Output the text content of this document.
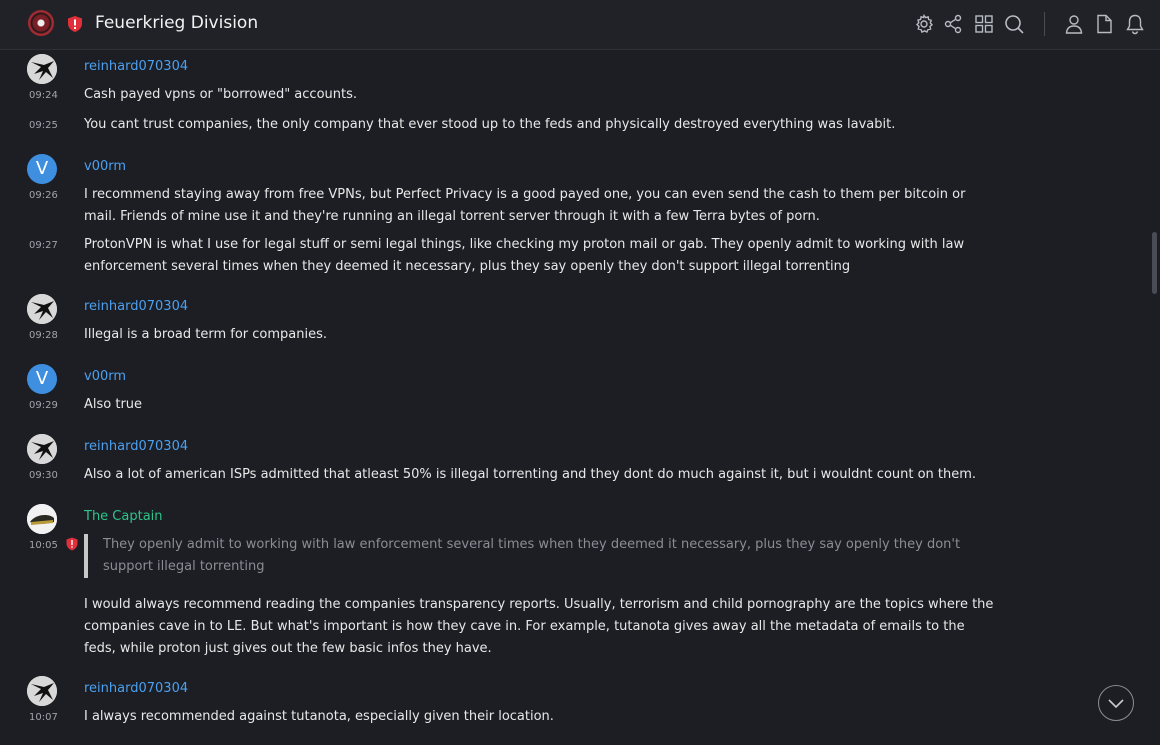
Feuerkrieg Division
reinhard070304
09:24 Cash payed vpns or "borrowed" accounts.
09:25 You cant trust companies, the only company that ever stood up to the feds and physically destroyed everything was lavabit.
V	v00rm
09:26 I recommend staying away from free VPNs, but Perfect Privacy is a good payed one, you can even send the cash to them per bitcoin or mail. Friends of mine use it and they're running an illegal torrent server through it with a few Terra bytes of porn.
09:27 ProtonVPN is what I use for legal stuff or semi legal things, like checking my proton mail or gab. They openly admit to working with law enforcement several times when they deemed it necessary, plus they say openly they don't support illegal torrenting
reinhard070304
09:28 Illegal is a broad term for companies.
V	v00rm
09:29 Also true
reinhard070304
09:30 Also a lot of american ISPs admitted that atleast 50% is illegal torrenting and they dont do much against it, but i wouldnt count on them.
The Captain
10:05	They openly admit to working with law enforcement several times when they deemed it necessary, plus they say openly they don't support illegal torrenting
I would always recommend reading the companies transparency reports. Usually, terrorism and child pornography are the topics where the companies cave in to LE. But what's important is how they cave in. For example, tutanota gives away all the metadata of emails to the feds, while proton just gives out the few basic infos they have.
reinhard070304
10:07 I always recommended against tutanota, especially given their location.
